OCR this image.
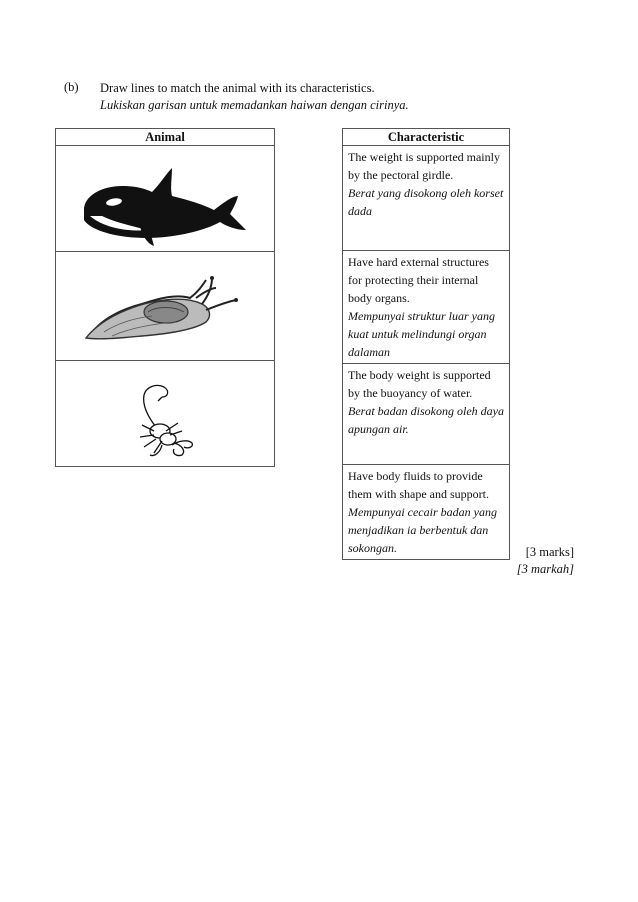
(b) Draw lines to match the animal with its characteristics.
Lukiskan garisan untuk memadankan haiwan dengan cirinya.
Animal	Characteristic
The weight is supported mainly by the pectoral girdle.
Berat yang disokong oleh korset dada

Have hard external structures for protecting their internal body organs.
Mempunyai struktur luar yang kuat untuk melindungi organ dalaman

The body weight is supported by the buoyancy of water.
Berat badan disokong oleh daya apungan air.

Have body fluids to provide them with shape and support.
Mempunyai cecair badan yang menjadikan ia berbentuk dan sokongan.	[3 marks]
[3 markah]
